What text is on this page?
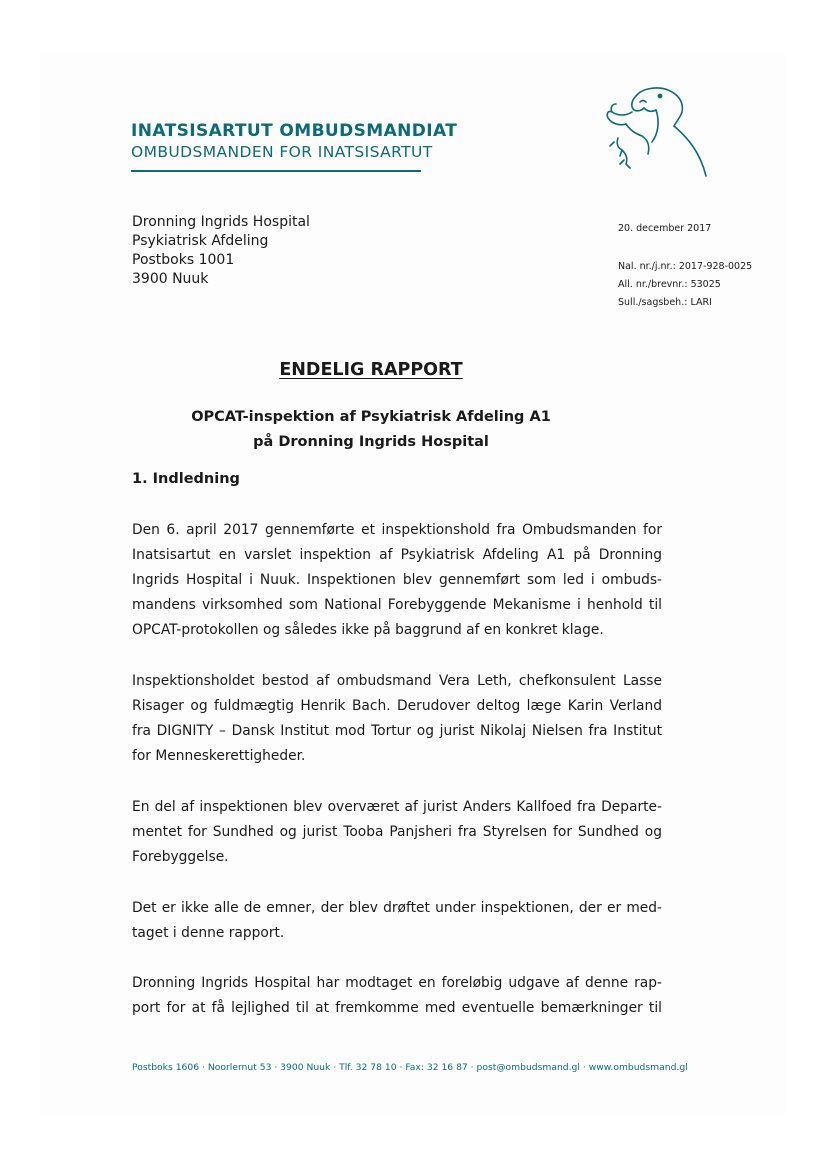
INATSISARTUT OMBUDSMANDIAT
OMBUDSMANDEN FOR INATSISARTUT
Dronning Ingrids Hospital
Psykiatrisk Afdeling
Postboks 1001
3900 Nuuk
20. december 2017
Nal. nr./j.nr.: 2017-928-0025
All. nr./brevnr.: 53025
Sull./sagsbeh.: LARI
ENDELIG RAPPORT
OPCAT-inspektion af Psykiatrisk Afdeling A1
på Dronning Ingrids Hospital
1. Indledning
Den 6. april 2017 gennemførte et inspektionshold fra Ombudsmanden for
Inatsisartut en varslet inspektion af Psykiatrisk Afdeling A1 på Dronning
Ingrids Hospital i Nuuk. Inspektionen blev gennemført som led i ombuds-
mandens virksomhed som National Forebyggende Mekanisme i henhold til
OPCAT-protokollen og således ikke på baggrund af en konkret klage.
Inspektionsholdet bestod af ombudsmand Vera Leth, chefkonsulent Lasse
Risager og fuldmægtig Henrik Bach. Derudover deltog læge Karin Verland
fra DIGNITY – Dansk Institut mod Tortur og jurist Nikolaj Nielsen fra Institut
for Menneskerettigheder.
En del af inspektionen blev overværet af jurist Anders Kallfoed fra Departe-
mentet for Sundhed og jurist Tooba Panjsheri fra Styrelsen for Sundhed og
Forebyggelse.
Det er ikke alle de emner, der blev drøftet under inspektionen, der er med-
taget i denne rapport.
Dronning Ingrids Hospital har modtaget en foreløbig udgave af denne rap-
port for at få lejlighed til at fremkomme med eventuelle bemærkninger til
Postboks 1606 · Noorlernut 53 · 3900 Nuuk · Tlf. 32 78 10 · Fax: 32 16 87 · post@ombudsmand.gl · www.ombudsmand.gl
